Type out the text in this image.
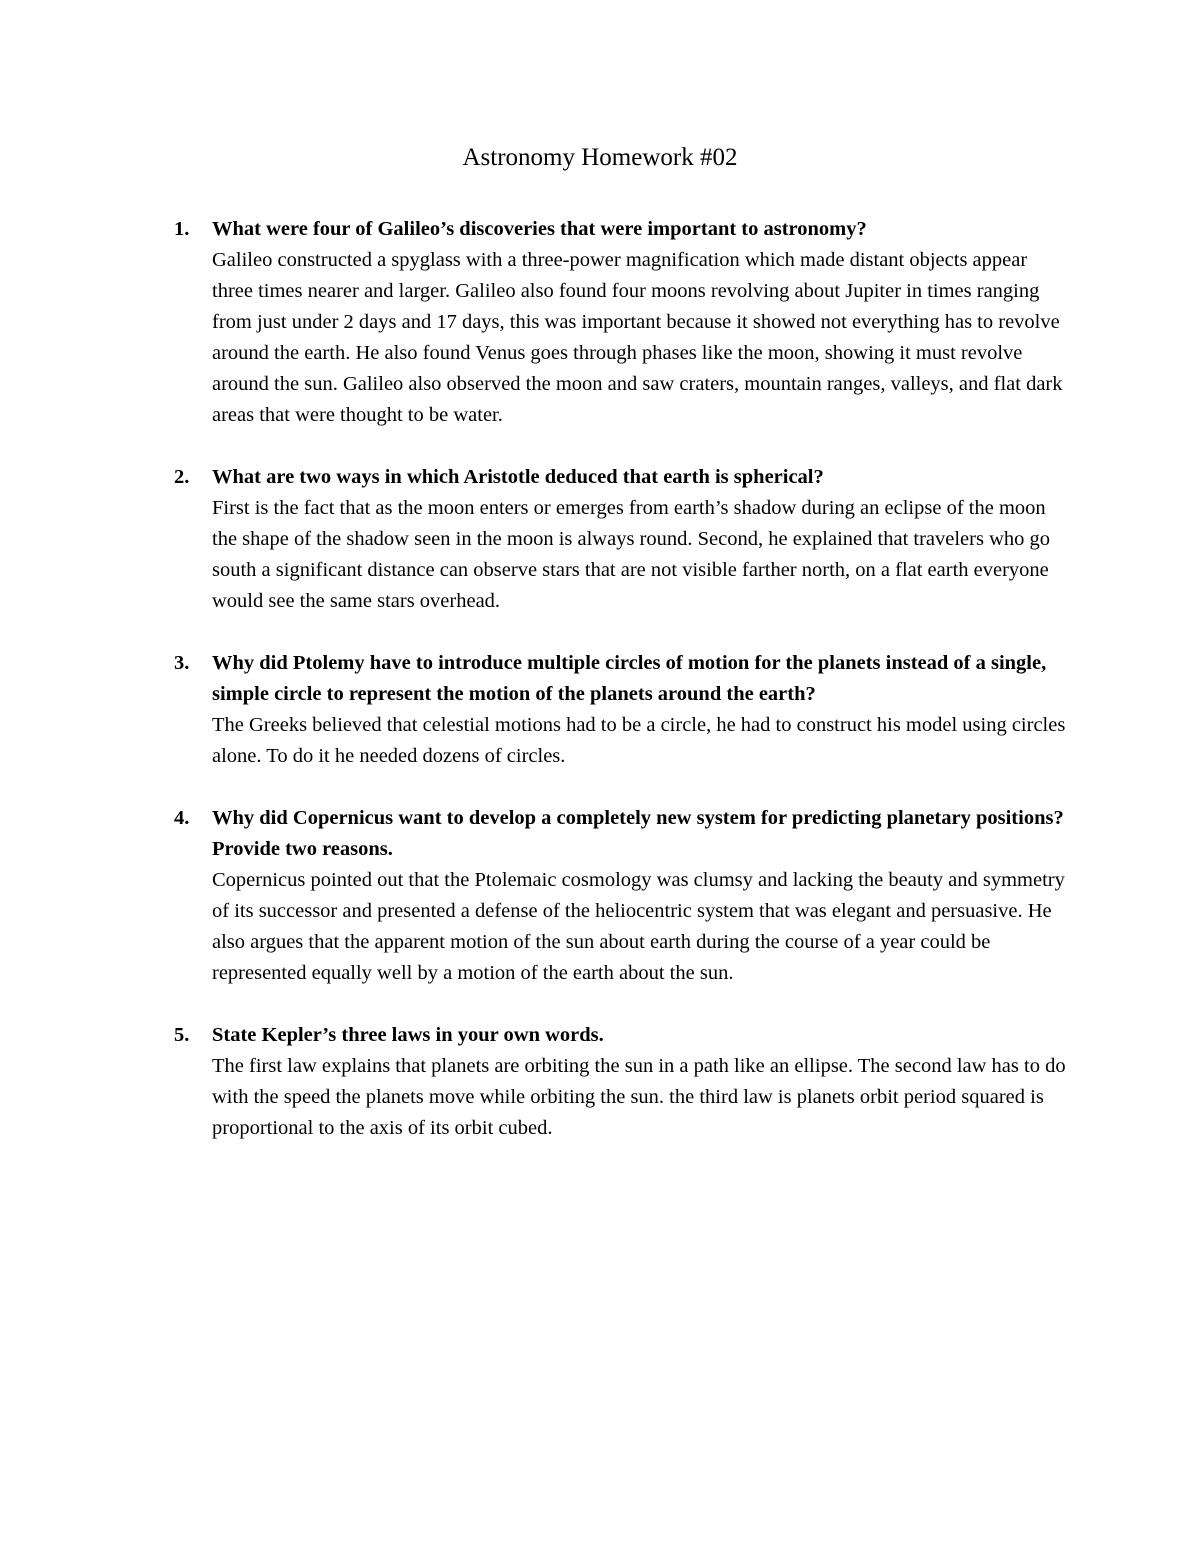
Astronomy Homework #02
1. What were four of Galileo’s discoveries that were important to astronomy?
Galileo constructed a spyglass with a three-power magnification which made distant objects appear three times nearer and larger. Galileo also found four moons revolving about Jupiter in times ranging from just under 2 days and 17 days, this was important because it showed not everything has to revolve around the earth. He also found Venus goes through phases like the moon, showing it must revolve around the sun. Galileo also observed the moon and saw craters, mountain ranges, valleys, and flat dark areas that were thought to be water.
2. What are two ways in which Aristotle deduced that earth is spherical?
First is the fact that as the moon enters or emerges from earth’s shadow during an eclipse of the moon the shape of the shadow seen in the moon is always round. Second, he explained that travelers who go south a significant distance can observe stars that are not visible farther north, on a flat earth everyone would see the same stars overhead.
3. Why did Ptolemy have to introduce multiple circles of motion for the planets instead of a single, simple circle to represent the motion of the planets around the earth?
The Greeks believed that celestial motions had to be a circle, he had to construct his model using circles alone. To do it he needed dozens of circles.
4. Why did Copernicus want to develop a completely new system for predicting planetary positions? Provide two reasons.
Copernicus pointed out that the Ptolemaic cosmology was clumsy and lacking the beauty and symmetry of its successor and presented a defense of the heliocentric system that was elegant and persuasive. He also argues that the apparent motion of the sun about earth during the course of a year could be represented equally well by a motion of the earth about the sun.
5. State Kepler’s three laws in your own words.
The first law explains that planets are orbiting the sun in a path like an ellipse. The second law has to do with the speed the planets move while orbiting the sun. the third law is planets orbit period squared is proportional to the axis of its orbit cubed.
